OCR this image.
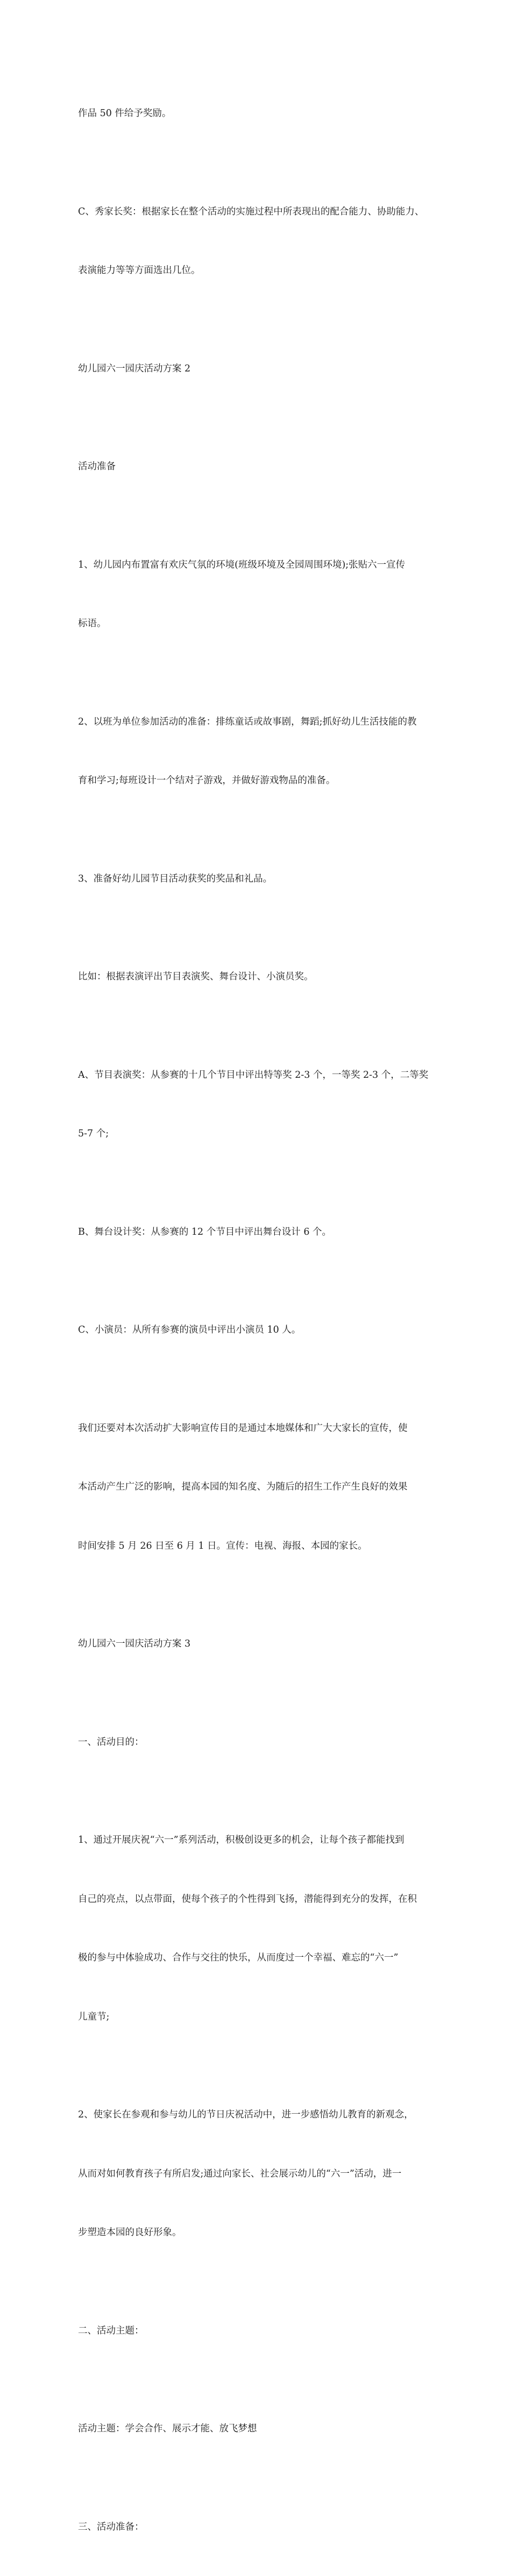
作品 50 件给予奖励。

C、秀家长奖：根据家长在整个活动的实施过程中所表现出的配合能力、协助能力、

表演能力等等方面选出几位。

幼儿园六一园庆活动方案 2

活动准备

1、幼儿园内布置富有欢庆气氛的环境(班级环境及全园周围环境);张贴六一宣传

标语。

2、以班为单位参加活动的准备：排练童话或故事剧，舞蹈;抓好幼儿生活技能的教

育和学习;每班设计一个结对子游戏，并做好游戏物品的准备。

3、准备好幼儿园节目活动获奖的奖品和礼品。

比如：根据表演评出节目表演奖、舞台设计、小演员奖。

A、节目表演奖：从参赛的十几个节目中评出特等奖 2-3 个，一等奖 2-3 个，二等奖

5-7 个;

B、舞台设计奖：从参赛的 12 个节目中评出舞台设计 6 个。

C、小演员：从所有参赛的演员中评出小演员 10 人。

我们还要对本次活动扩大影响宣传目的是通过本地媒体和广大大家长的宣传，使

本活动产生广泛的影响，提高本园的知名度、为随后的招生工作产生良好的效果

时间安排 5 月 26 日至 6 月 1 日。宣传：电视、海报、本园的家长。

幼儿园六一园庆活动方案 3

一、活动目的：

1、通过开展庆祝“六一”系列活动，积极创设更多的机会，让每个孩子都能找到

自己的亮点，以点带面，使每个孩子的个性得到飞扬，潜能得到充分的发挥，在积

极的参与中体验成功、合作与交往的快乐，从而度过一个幸福、难忘的“六一”

儿童节;

2、使家长在参观和参与幼儿的节日庆祝活动中，进一步感悟幼儿教育的新观念，

从而对如何教育孩子有所启发;通过向家长、社会展示幼儿的“六一”活动，进一

步塑造本园的良好形象。

二、活动主题：

活动主题：学会合作、展示才能、放飞梦想

三、活动准备：
